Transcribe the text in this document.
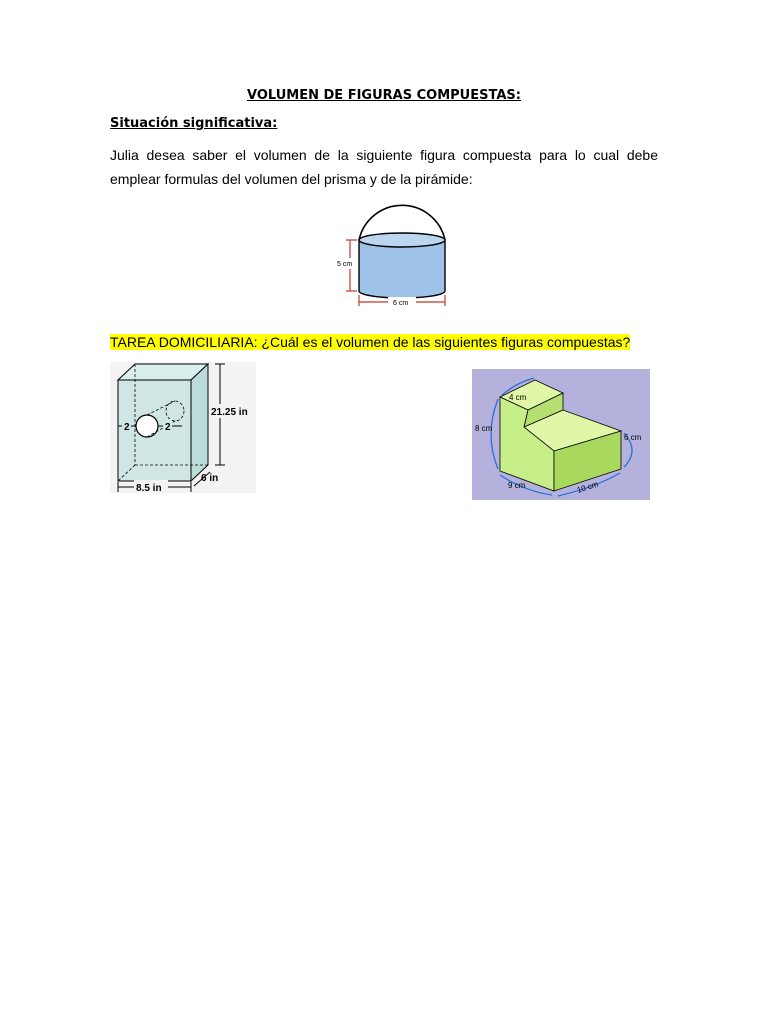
VOLUMEN DE FIGURAS COMPUESTAS:
Situación significativa:
Julia desea saber el volumen de la siguiente figura compuesta para lo cual debe emplear formulas del volumen del prisma y de la pirámide:
5 cm
6 cm
TAREA DOMICILIARIA: ¿Cuál es el volumen de las siguientes figuras compuestas?
2	2
21.25 in
8.5 in
6 in
4 cm
8 cm
6 cm
9 cm	10 cm
